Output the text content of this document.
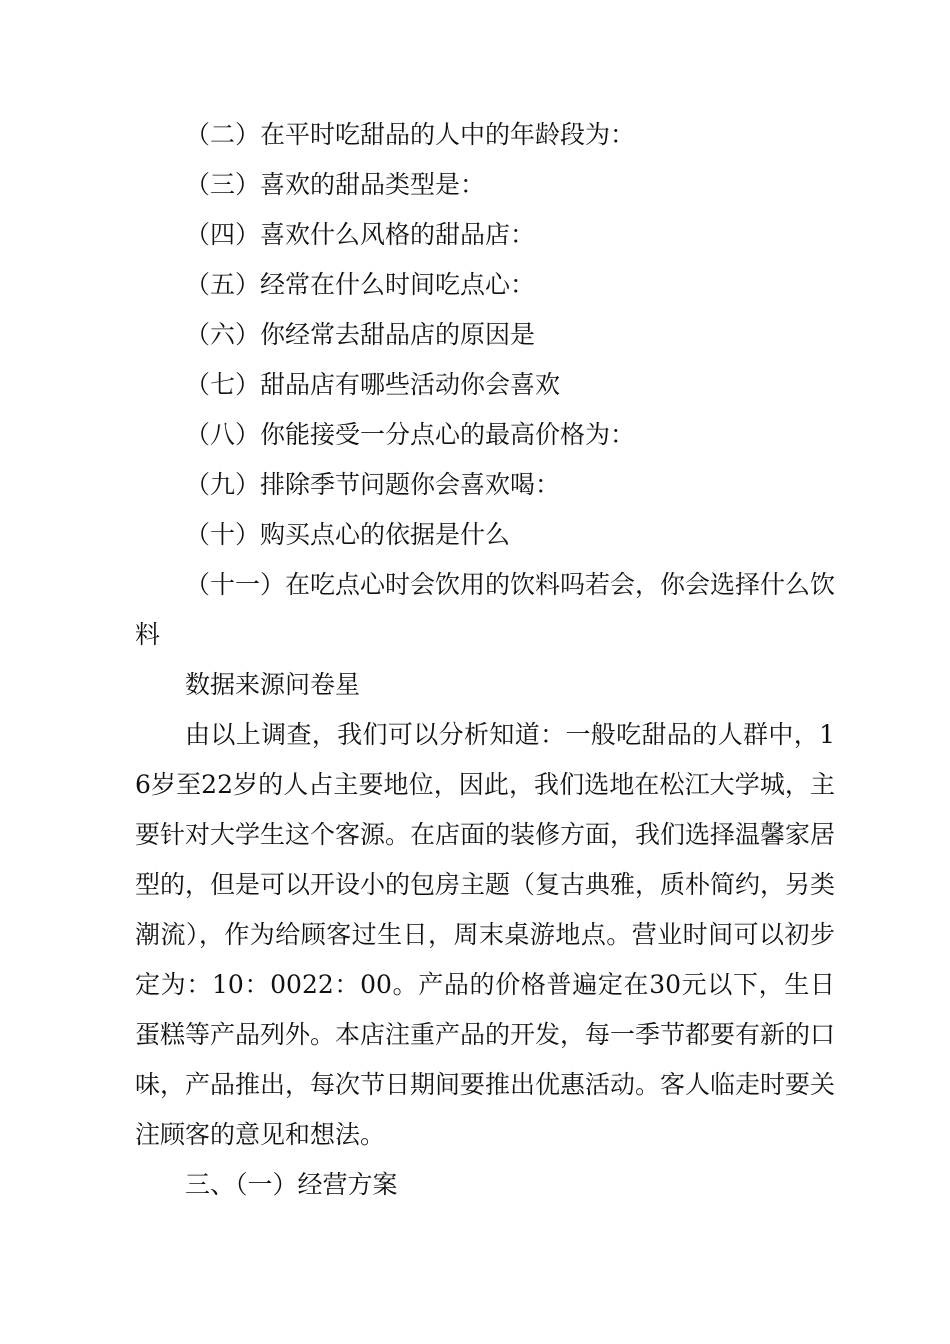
（二）在平时吃甜品的人中的年龄段为：

（三）喜欢的甜品类型是：

（四）喜欢什么风格的甜品店：

（五）经常在什么时间吃点心：

（六）你经常去甜品店的原因是

（七）甜品店有哪些活动你会喜欢

（八）你能接受一分点心的最高价格为：

（九）排除季节问题你会喜欢喝：

（十）购买点心的依据是什么

（十一）在吃点心时会饮用的饮料吗若会，你会选择什么饮料

数据来源问卷星

由以上调查，我们可以分析知道：一般吃甜品的人群中，16岁至22岁的人占主要地位，因此，我们选地在松江大学城，主要针对大学生这个客源。在店面的装修方面，我们选择温馨家居型的，但是可以开设小的包房主题（复古典雅，质朴简约，另类潮流），作为给顾客过生日，周末桌游地点。营业时间可以初步定为：10：0022：00。产品的价格普遍定在30元以下，生日蛋糕等产品列外。本店注重产品的开发，每一季节都要有新的口味，产品推出，每次节日期间要推出优惠活动。客人临走时要关注顾客的意见和想法。

三、（一）经营方案
